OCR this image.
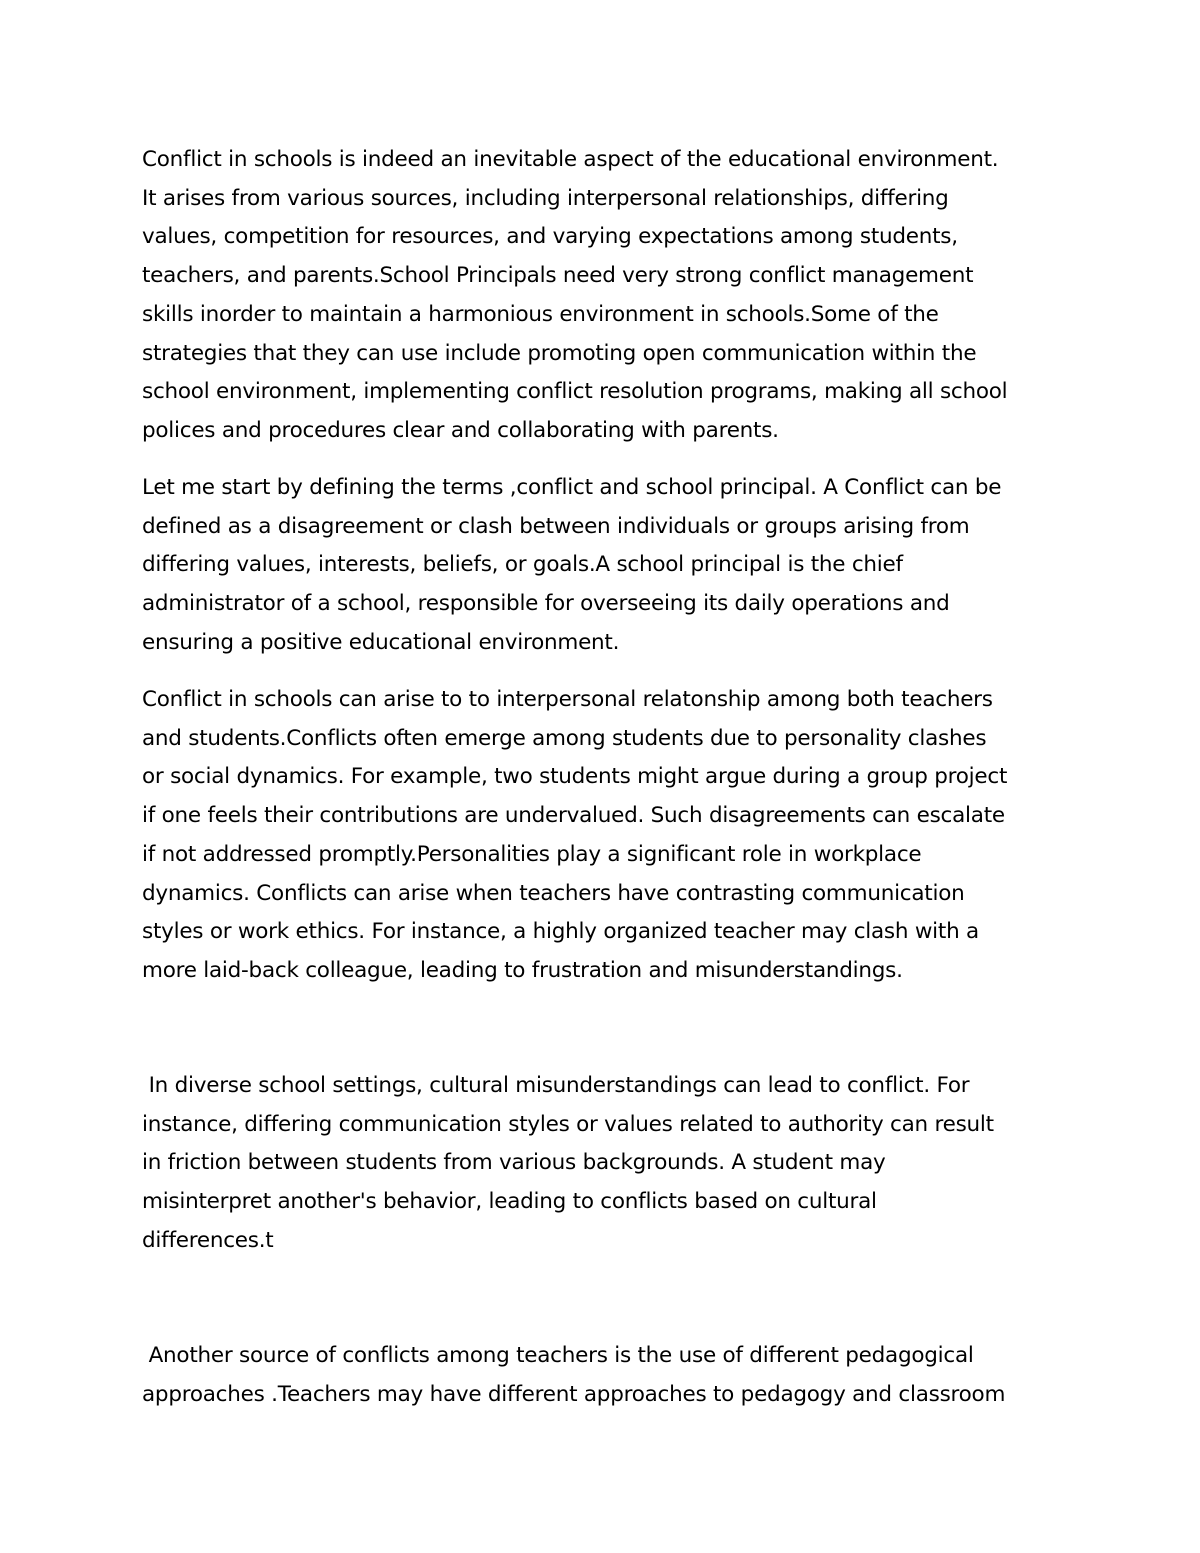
Conflict in schools is indeed an inevitable aspect of the educational environment.
It arises from various sources, including interpersonal relationships, differing
values, competition for resources, and varying expectations among students,
teachers, and parents.School Principals need very strong conflict management
skills inorder to maintain a harmonious environment in schools.Some of the
strategies that they can use include promoting open communication within the
school environment, implementing conflict resolution programs, making all school
polices and procedures clear and collaborating with parents.

Let me start by defining the terms ,conflict and school principal. A Conflict can be
defined as a disagreement or clash between individuals or groups arising from
differing values, interests, beliefs, or goals.A school principal is the chief
administrator of a school, responsible for overseeing its daily operations and
ensuring a positive educational environment.

Conflict in schools can arise to to interpersonal relatonship among both teachers
and students.Conflicts often emerge among students due to personality clashes
or social dynamics. For example, two students might argue during a group project
if one feels their contributions are undervalued. Such disagreements can escalate
if not addressed promptly.Personalities play a significant role in workplace
dynamics. Conflicts can arise when teachers have contrasting communication
styles or work ethics. For instance, a highly organized teacher may clash with a
more laid-back colleague, leading to frustration and misunderstandings.

In diverse school settings, cultural misunderstandings can lead to conflict. For
instance, differing communication styles or values related to authority can result
in friction between students from various backgrounds. A student may
misinterpret another's behavior, leading to conflicts based on cultural
differences.t

Another source of conflicts among teachers is the use of different pedagogical
approaches .Teachers may have different approaches to pedagogy and classroom
